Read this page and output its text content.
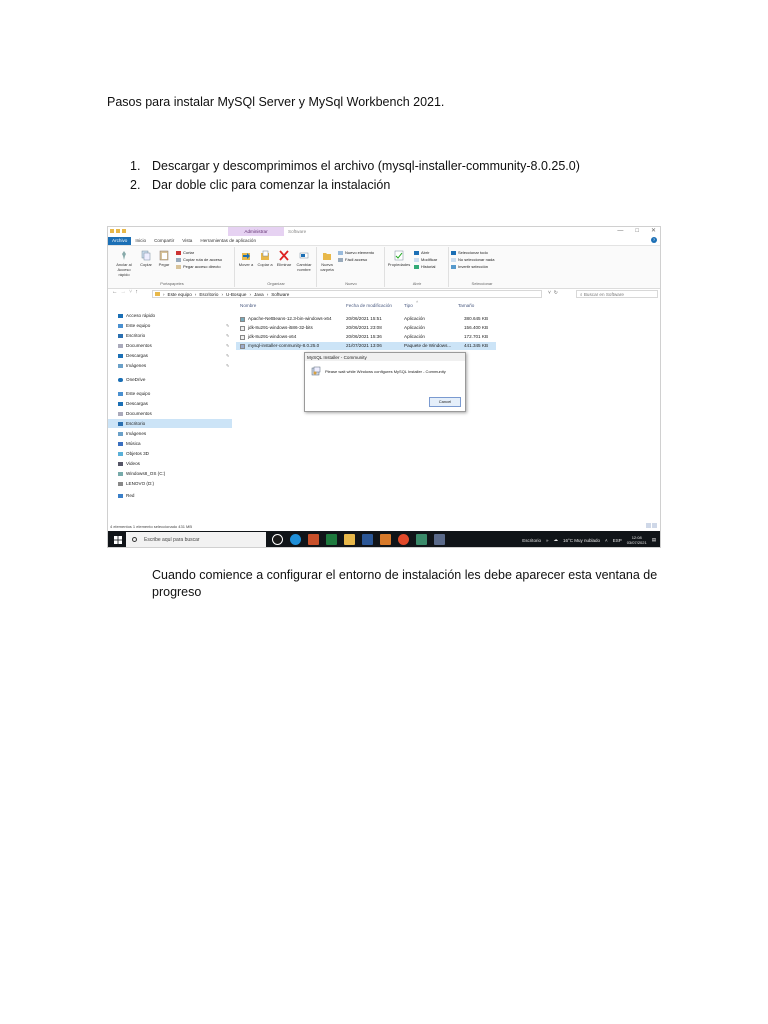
Pasos para instalar MySQl Server y MySql Workbench 2021.
1. Descargar y descomprimimos el archivo (mysql-installer-community-8.0.25.0)
2. Dar doble clic para comenzar la instalación
Administrar	Software	— □ ✕
Archivo	Inicio	Compartir	Vista	Herramientas de aplicación	?
Anclar al Acceso rápido
Copiar	Pegar
Cortar
Copiar ruta de acceso
Pegar acceso directo
Portapapeles
Mover a	Copiar a	Eliminar	Cambiar nombre
Organizar
Nueva carpeta
Nuevo elemento
Fácil acceso
Nuevo
Propiedades
Abrir
Modificar
Historial
Abrir
Seleccionar todo
No seleccionar nada
Invertir selección
Seleccionar
←→˅↑	› Este equipo › Escritorio › U-Bosque › Java › Software	˅  ↻	⌕ Buscar en Software
Acceso rápido
Este equipo	✎
Escritorio	✎
Documentos	✎
Descargas	✎
Imágenes	✎
OneDrive
Este equipo
Descargas
Documentos
Escritorio
Imágenes
Música
Objetos 3D
Videos
Windows8_OS (C:)
LENOVO (D:)
Red
˄
Nombre	Fecha de modificación	Tipo	Tamaño
Apache-NetBeans-12.3-bin-windows-x64	20/06/2021 15:51	Aplicación	380.645 KB
jdk-8u291-windows-i586-32-bits	20/06/2021 23:08	Aplicación	156.400 KB
jdk-8u291-windows-x64	20/06/2021 15:36	Aplicación	172.701 KB
mysql-installer-community-8.0.25.0	21/07/2021 13:06	Paquete de Windows...	441.345 KB
MySQL Installer - Community
Please wait while Windows configures MySQL Installer - Community
Cancel
4 elementos 1 elemento seleccionado 431 MB
Escribe aquí para buscar	Escritorio » ☁ 16°C Muy nublado ˄ ESP	12:08
03/07/2021
▤
Cuando comience a configurar el entorno de instalación les debe aparecer esta ventana de progreso
